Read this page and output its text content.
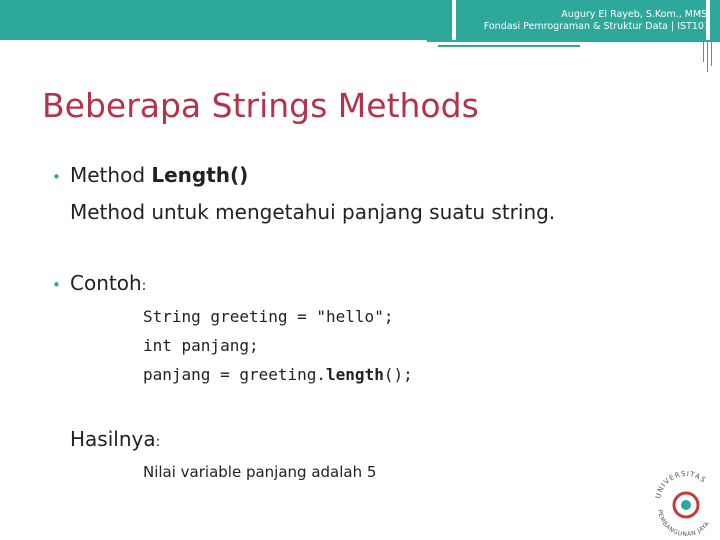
Augury El Rayeb, S.Kom., MMSI
Fondasi Pemrograman & Struktur Data | IST101
Beberapa Strings Methods
• Method Length()
Method untuk mengetahui panjang suatu string.
• Contoh:
String greeting = "hello";
int panjang;
panjang = greeting.length();
Hasilnya:
Nilai variable panjang adalah 5
UNIVERSITAS
PEMBANGUNAN JAYA
